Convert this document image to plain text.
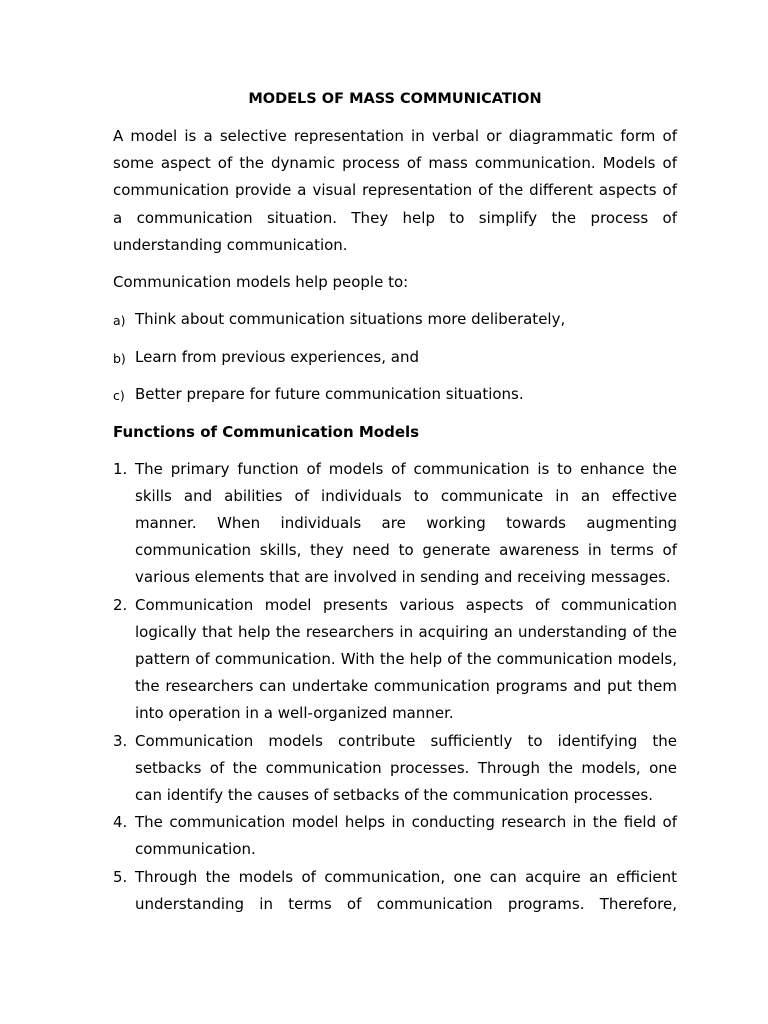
MODELS OF MASS COMMUNICATION

A model is a selective representation in verbal or diagrammatic form of some aspect of the dynamic process of mass communication. Models of communication provide a visual representation of the different aspects of a communication situation. They help to simplify the process of understanding communication.

Communication models help people to:

a) Think about communication situations more deliberately,
b) Learn from previous experiences, and
c) Better prepare for future communication situations.
Functions of Communication Models
1. The primary function of models of communication is to enhance the skills and abilities of individuals to communicate in an effective manner. When individuals are working towards augmenting communication skills, they need to generate awareness in terms of various elements that are involved in sending and receiving messages.
2. Communication model presents various aspects of communication logically that help the researchers in acquiring an understanding of the pattern of communication. With the help of the communication models, the researchers can undertake communication programs and put them into operation in a well-organized manner.
3. Communication models contribute sufficiently to identifying the setbacks of the communication processes. Through the models, one can identify the causes of setbacks of the communication processes.
4. The communication model helps in conducting research in the field of communication.
5. Through the models of communication, one can acquire an efficient understanding in terms of communication programs. Therefore,
